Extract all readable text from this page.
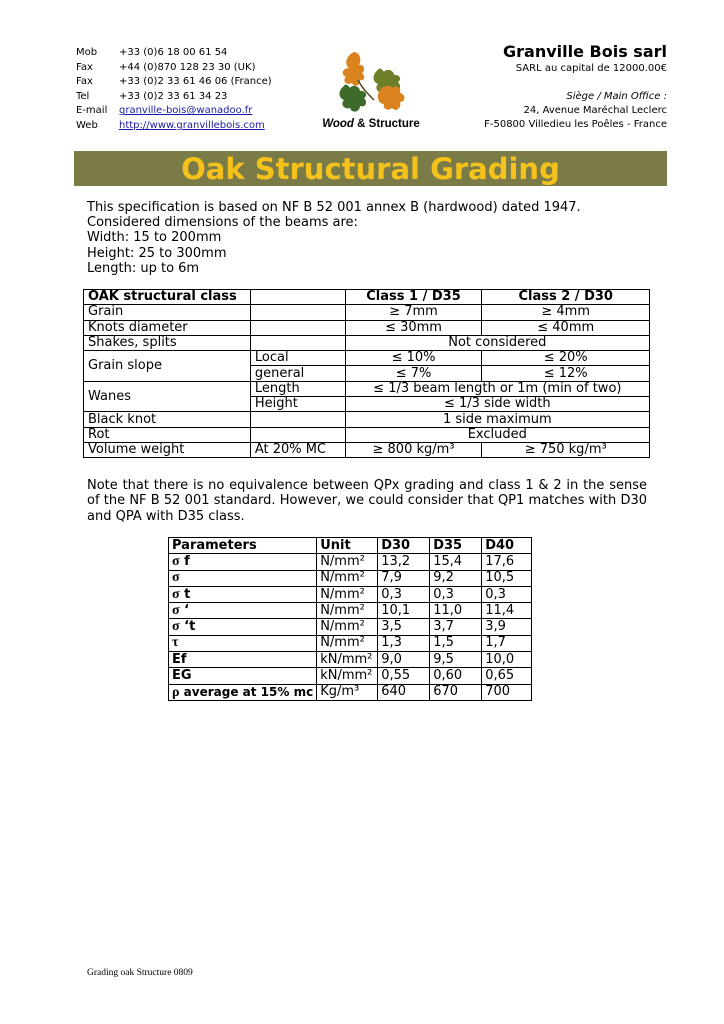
Mob	+33 (0)6 18 00 61 54
Fax	+44 (0)870 128 23 30 (UK)
Fax	+33 (0)2 33 61 46 06 (France)
Tel	+33 (0)2 33 61 34 23
E-mail	granville-bois@wanadoo.fr
Web	http://www.granvillebois.com	Wood & Structure
Granville Bois sarl
SARL au capital de 12000.00€
Siège / Main Office :
24, Avenue Maréchal Leclerc
F-50800 Villedieu les Poêles - France
Oak Structural Grading
This specification is based on NF B 52 001 annex B (hardwood) dated 1947.
Considered dimensions of the beams are:
Width: 15 to 200mm
Height: 25 to 300mm
Length: up to 6m
OAK structural class		Class 1 / D35	Class 2 / D30
Grain		≥ 7mm	≥ 4mm
Knots diameter		≤ 30mm	≤ 40mm
Shakes, splits		Not considered	
Grain slope	Local	≤ 10%	≤ 20%
	general	≤ 7%	≤ 12%
Wanes	Length	≤ 1/3 beam length or 1m (min of two)	
	Height	≤ 1/3 side width	
Black knot		1 side maximum	
Rot		Excluded	
Volume weight	At 20% MC	≥ 800 kg/m³	≥ 750 kg/m³
Note that there is no equivalence between QPx grading and class 1 & 2 in the sense of the NF B 52 001 standard. However, we could consider that QP1 matches with D30 and QPA with D35 class.
Parameters	Unit	D30	D35	D40
σ f	N/mm²	13,2	15,4	17,6
σ	N/mm²	7,9	9,2	10,5
σ t	N/mm²	0,3	0,3	0,3
σ ‘	N/mm²	10,1	11,0	11,4
σ ‘t	N/mm²	3,5	3,7	3,9
τ	N/mm²	1,3	1,5	1,7
Ef	kN/mm²	9,0	9,5	10,0
EG	kN/mm²	0,55	0,60	0,65
ρ average at 15% mc	Kg/m³	640	670	700
Grading oak Structure 0809
